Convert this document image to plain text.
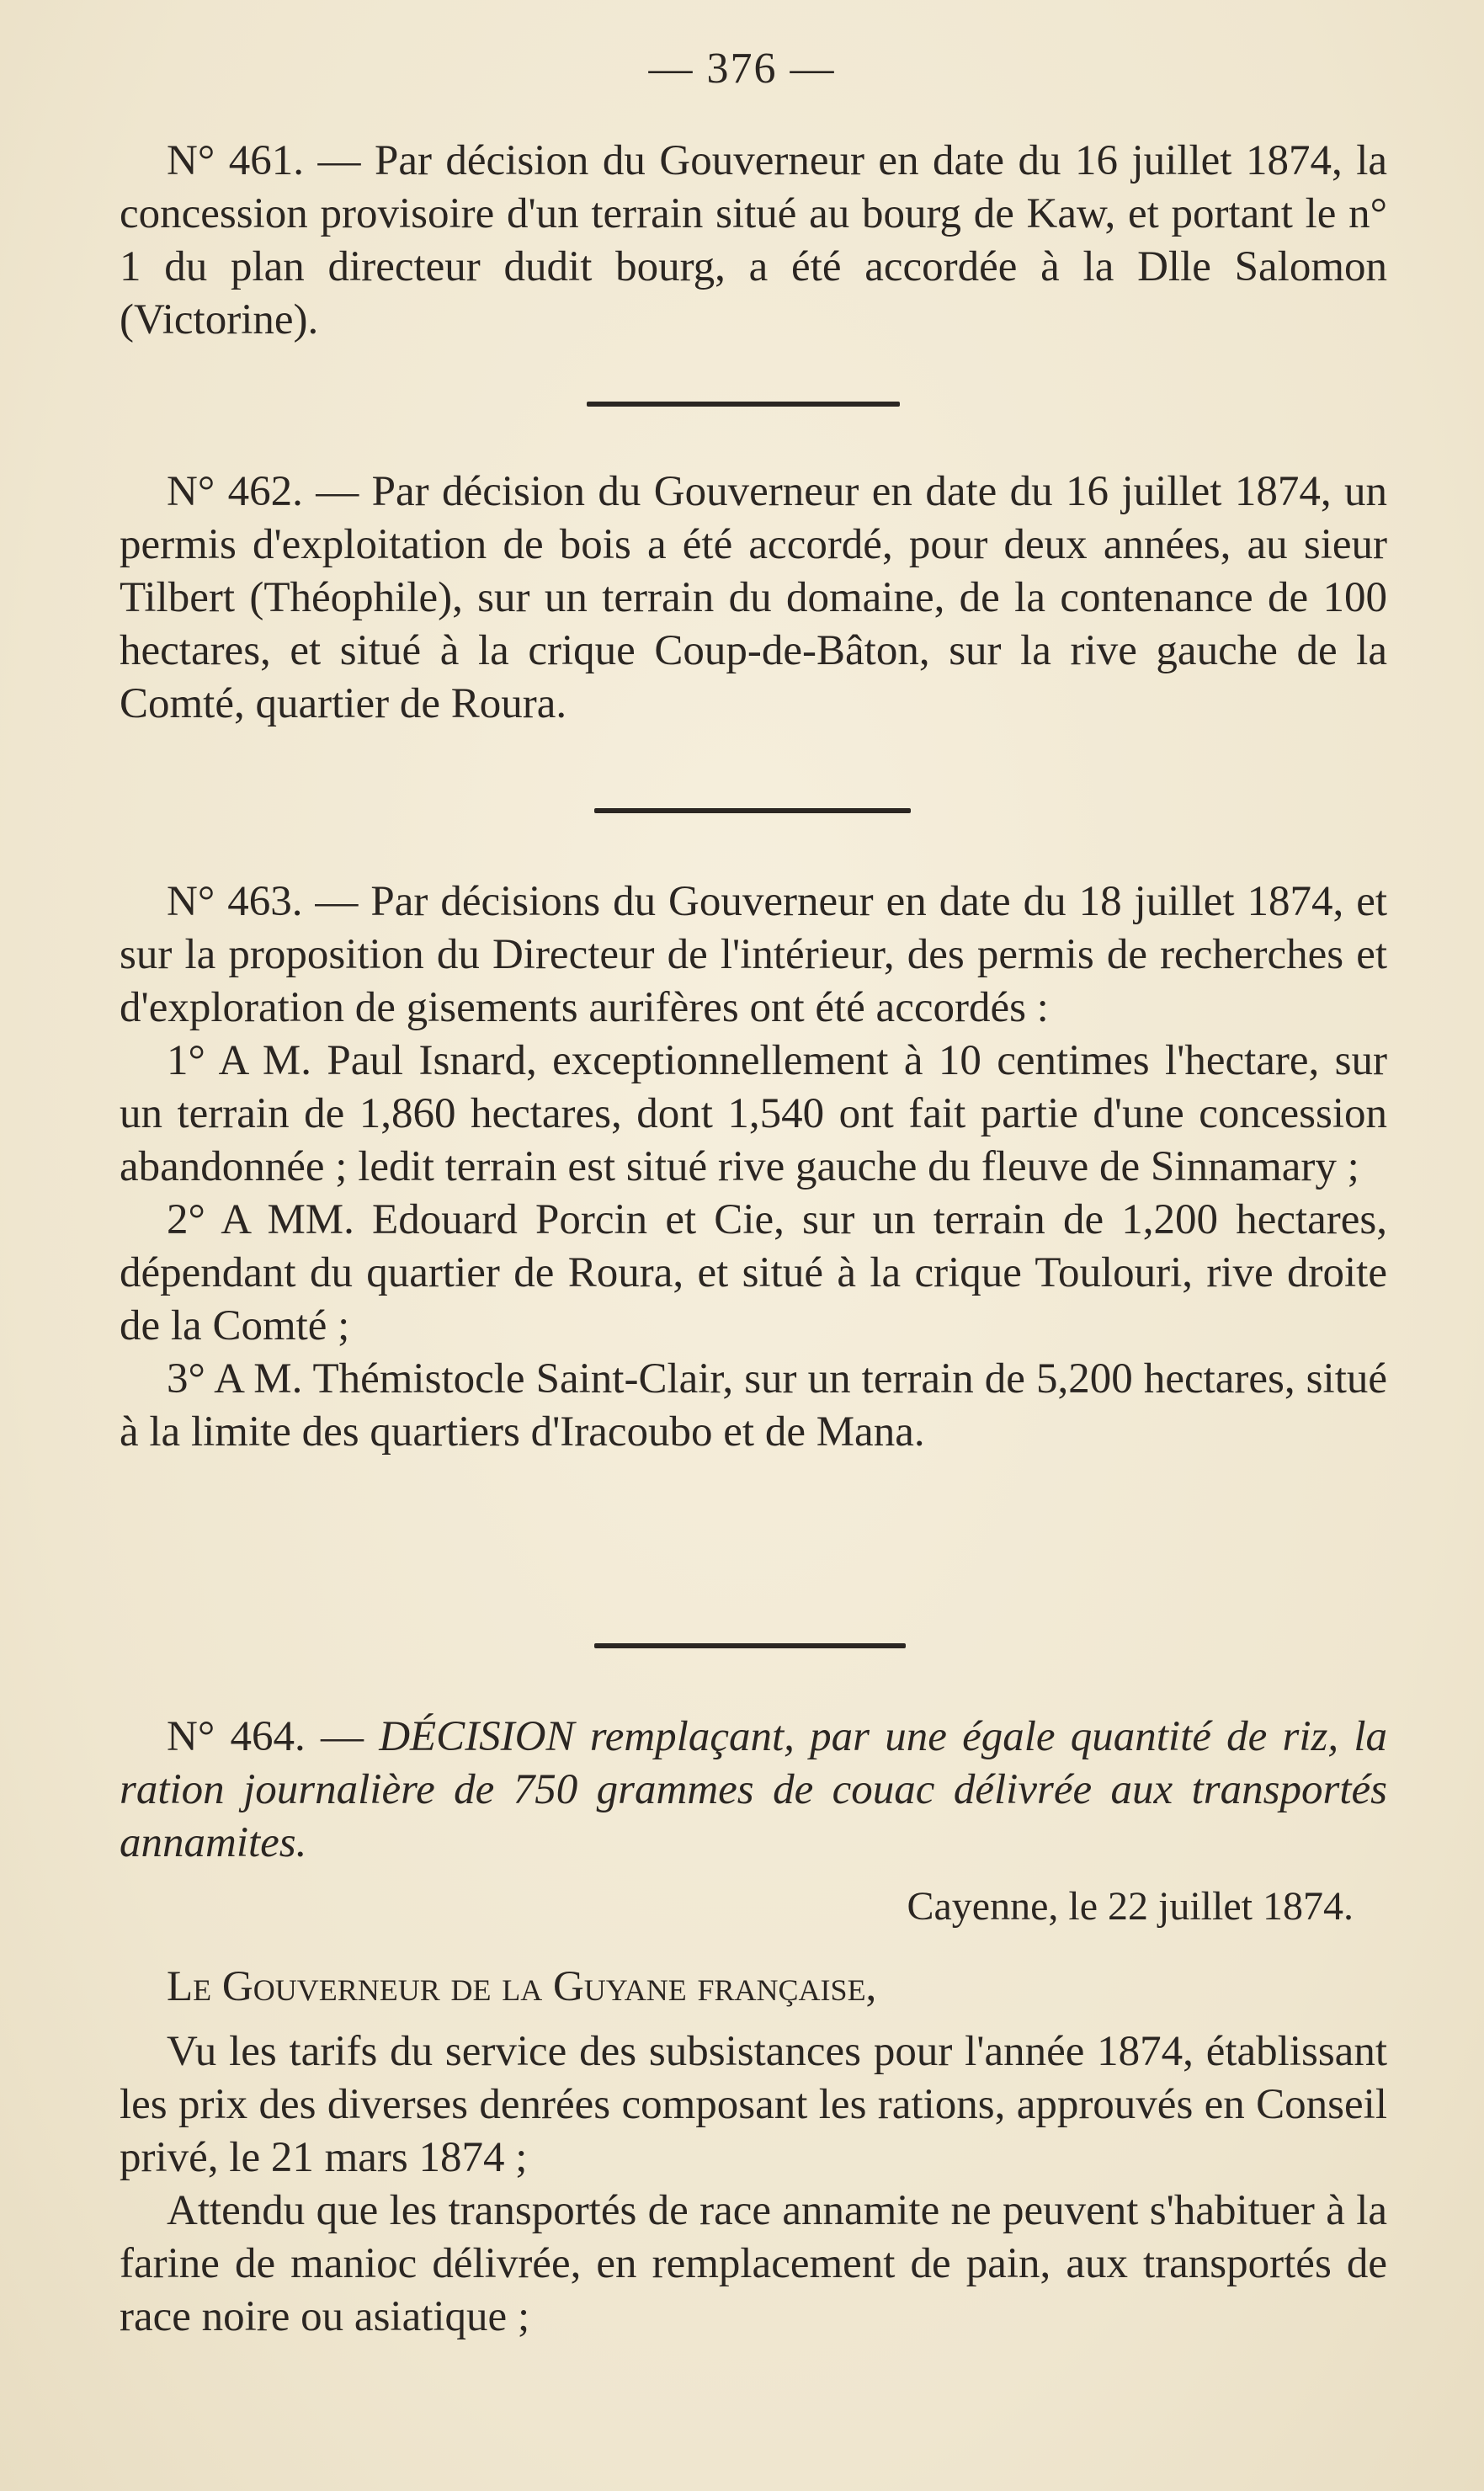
— 376 —

N° 461. — Par décision du Gouverneur en date du 16 juillet 1874, la concession provisoire d'un terrain situé au bourg de Kaw, et portant le n° 1 du plan directeur dudit bourg, a été accordée à la Dlle Salomon (Victorine).

N° 462. — Par décision du Gouverneur en date du 16 juillet 1874, un permis d'exploitation de bois a été accordé, pour deux années, au sieur Tilbert (Théophile), sur un terrain du domaine, de la contenance de 100 hectares, et situé à la crique Coup-de-Bâton, sur la rive gauche de la Comté, quartier de Roura.

N° 463. — Par décisions du Gouverneur en date du 18 juillet 1874, et sur la proposition du Directeur de l'intérieur, des permis de recherches et d'exploration de gisements aurifères ont été accordés :

1° A M. Paul Isnard, exceptionnellement à 10 centimes l'hectare, sur un terrain de 1,860 hectares, dont 1,540 ont fait partie d'une concession abandonnée ; ledit terrain est situé rive gauche du fleuve de Sinnamary ;

2° A MM. Edouard Porcin et Cie, sur un terrain de 1,200 hectares, dépendant du quartier de Roura, et situé à la crique Toulouri, rive droite de la Comté ;

3° A M. Thémistocle Saint-Clair, sur un terrain de 5,200 hectares, situé à la limite des quartiers d'Iracoubo et de Mana.

N° 464. — DÉCISION remplaçant, par une égale quantité de riz, la ration journalière de 750 grammes de couac délivrée aux transportés annamites.

Cayenne, le 22 juillet 1874.

Le Gouverneur de la Guyane française,

Vu les tarifs du service des subsistances pour l'année 1874, établissant les prix des diverses denrées composant les rations, approuvés en Conseil privé, le 21 mars 1874 ;

Attendu que les transportés de race annamite ne peuvent s'habituer à la farine de manioc délivrée, en remplacement de pain, aux transportés de race noire ou asiatique ;
